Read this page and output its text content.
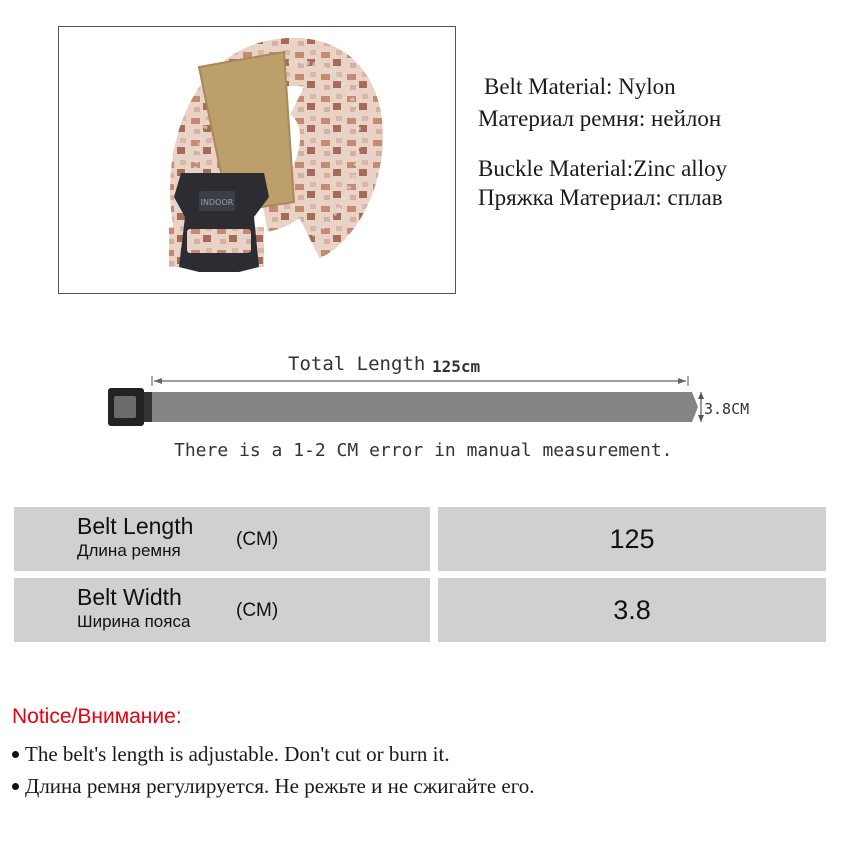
INDOOR
Belt Material: Nylon
Материал ремня: нейлон
Buckle Material:Zinc alloy
Пряжка Материал: сплав
Total Length 125cm
3.8CM
There is a 1-2 CM error in manual measurement.
Belt Length
Длина ремня
(CM)	125
Belt Width
Ширина пояса
(CM)	3.8
Notice/Внимание:
The belt's length is adjustable. Don't cut or burn it.
Длина ремня регулируется. Не режьте и не сжигайте его.
